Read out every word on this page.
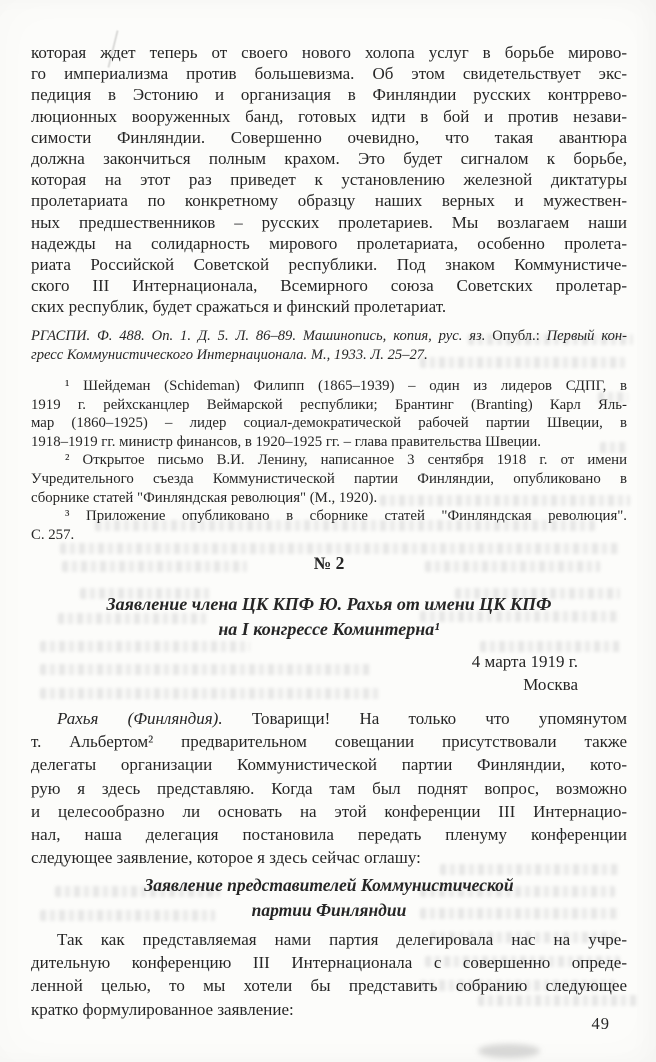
которая ждет теперь от своего нового холопа услуг в борьбе мирово-
го империализма против большевизма. Об этом свидетельствует экс-
педиция в Эстонию и организация в Финляндии русских контррево-
люционных вооруженных банд, готовых идти в бой и против незави-
симости Финляндии. Совершенно очевидно, что такая авантюра
должна закончиться полным крахом. Это будет сигналом к борьбе,
которая на этот раз приведет к установлению железной диктатуры
пролетариата по конкретному образцу наших верных и мужествен-
ных предшественников – русских пролетариев. Мы возлагаем наши
надежды на солидарность мирового пролетариата, особенно пролета-
риата Российской Советской республики. Под знаком Коммунистиче-
ского III Интернационала, Всемирного союза Советских пролетар-
ских республик, будет сражаться и финский пролетариат.
РГАСПИ. Ф. 488. Оп. 1. Д. 5. Л. 86–89. Машинопись, копия, рус. яз. Опубл.: Первый кон-
гресс Коммунистического Интернационала. М., 1933. Л. 25–27.
¹ Шейдеман (Schideman) Филипп (1865–1939) – один из лидеров СДПГ, в
1919 г. рейхсканцлер Веймарской республики; Брантинг (Branting) Карл Яль-
мар (1860–1925) – лидер социал-демократической рабочей партии Швеции, в
1918–1919 гг. министр финансов, в 1920–1925 гг. – глава правительства Швеции.
² Открытое письмо В.И. Ленину, написанное 3 сентября 1918 г. от имени
Учредительного съезда Коммунистической партии Финляндии, опубликовано в
сборнике статей "Финляндская революция" (М., 1920).
³ Приложение опубликовано в сборнике статей "Финляндская революция".
С. 257.
№ 2
Заявление члена ЦК КПФ Ю. Рахья от имени ЦК КПФ
на I конгрессе Коминтерна¹
4 марта 1919 г.
Москва
Рахья (Финляндия). Товарищи! На только что упомянутом
т. Альбертом² предварительном совещании присутствовали также
делегаты организации Коммунистической партии Финляндии, кото-
рую я здесь представляю. Когда там был поднят вопрос, возможно
и целесообразно ли основать на этой конференции III Интернацио-
нал, наша делегация постановила передать пленуму конференции
следующее заявление, которое я здесь сейчас оглашу:
Заявление представителей Коммунистической
партии Финляндии
Так как представляемая нами партия делегировала нас на учре-
дительную конференцию III Интернационала с совершенно опреде-
ленной целью, то мы хотели бы представить собранию следующее
кратко формулированное заявление:
49
